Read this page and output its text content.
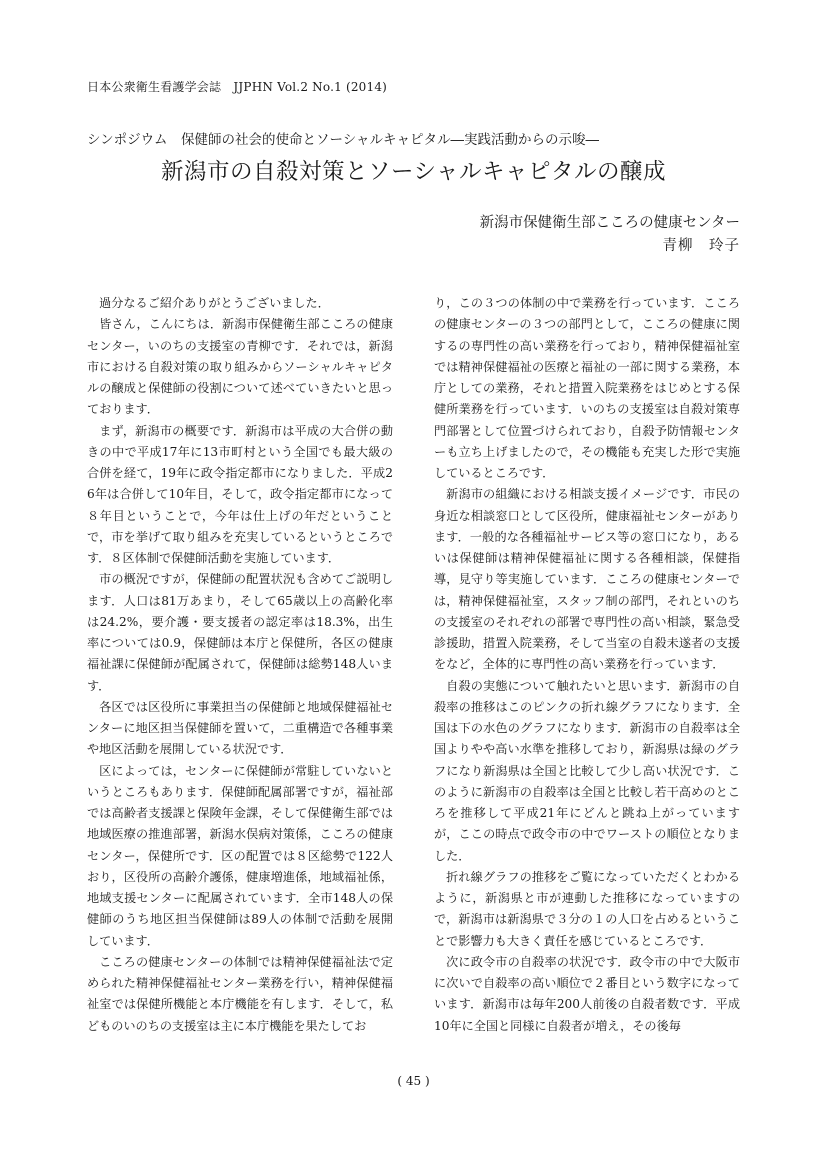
日本公衆衛生看護学会誌　JJPHN Vol.2 No.1 (2014)
シンポジウム　保健師の社会的使命とソーシャルキャピタル―実践活動からの示唆―
新潟市の自殺対策とソーシャルキャピタルの醸成
新潟市保健衛生部こころの健康センター
青柳　玲子

過分なるご紹介ありがとうございました．

皆さん，こんにちは．新潟市保健衛生部こころの健康センター，いのちの支援室の青柳です．それでは，新潟市における自殺対策の取り組みからソーシャルキャピタルの醸成と保健師の役割について述べていきたいと思っております．

まず，新潟市の概要です．新潟市は平成の大合併の動きの中で平成17年に13市町村という全国でも最大級の合併を経て，19年に政令指定都市になりました．平成26年は合併して10年目，そして，政令指定都市になって８年目ということで，今年は仕上げの年だということで，市を挙げて取り組みを充実しているというところです．８区体制で保健師活動を実施しています．

市の概況ですが，保健師の配置状況も含めてご説明します．人口は81万あまり，そして65歳以上の高齢化率は24.2%，要介護・要支援者の認定率は18.3%，出生率については0.9，保健師は本庁と保健所，各区の健康福祉課に保健師が配属されて，保健師は総勢148人います．

各区では区役所に事業担当の保健師と地域保健福祉センターに地区担当保健師を置いて，二重構造で各種事業や地区活動を展開している状況です．

区によっては，センターに保健師が常駐していないというところもあります．保健師配属部署ですが，福祉部では高齢者支援課と保険年金課，そして保健衛生部では地域医療の推進部署，新潟水俣病対策係，こころの健康センター，保健所です．区の配置では８区総勢で122人おり，区役所の高齢介護係，健康増進係，地域福祉係，地域支援センターに配属されています．全市148人の保健師のうち地区担当保健師は89人の体制で活動を展開しています．

こころの健康センターの体制では精神保健福祉法で定められた精神保健福祉センター業務を行い，精神保健福祉室では保健所機能と本庁機能を有します．そして，私どものいのちの支援室は主に本庁機能を果たしてお

り，この３つの体制の中で業務を行っています．こころの健康センターの３つの部門として，こころの健康に関するの専門性の高い業務を行っており，精神保健福祉室では精神保健福祉の医療と福祉の一部に関する業務，本庁としての業務，それと措置入院業務をはじめとする保健所業務を行っています．いのちの支援室は自殺対策専門部署として位置づけられており，自殺予防情報センターも立ち上げましたので，その機能も充実した形で実施しているところです．

新潟市の組織における相談支援イメージです．市民の身近な相談窓口として区役所，健康福祉センターがあります．一般的な各種福祉サービス等の窓口になり，あるいは保健師は精神保健福祉に関する各種相談，保健指導，見守り等実施しています．こころの健康センターでは，精神保健福祉室，スタッフ制の部門，それといのちの支援室のそれぞれの部署で専門性の高い相談，緊急受診援助，措置入院業務，そして当室の自殺未遂者の支援をなど，全体的に専門性の高い業務を行っています．

自殺の実態について触れたいと思います．新潟市の自殺率の推移はこのピンクの折れ線グラフになります．全国は下の水色のグラフになります．新潟市の自殺率は全国よりやや高い水準を推移しており，新潟県は緑のグラフになり新潟県は全国と比較して少し高い状況です．このように新潟市の自殺率は全国と比較し若干高めのところを推移して平成21年にどんと跳ね上がっていますが，ここの時点で政令市の中でワーストの順位となりました．

折れ線グラフの推移をご覧になっていただくとわかるように，新潟県と市が連動した推移になっていますので，新潟市は新潟県で３分の１の人口を占めるということで影響力も大きく責任を感じているところです．

次に政令市の自殺率の状況です．政令市の中で大阪市に次いで自殺率の高い順位で２番目という数字になっています．新潟市は毎年200人前後の自殺者数です．平成10年に全国と同様に自殺者が増え，その後毎

( 45 )
